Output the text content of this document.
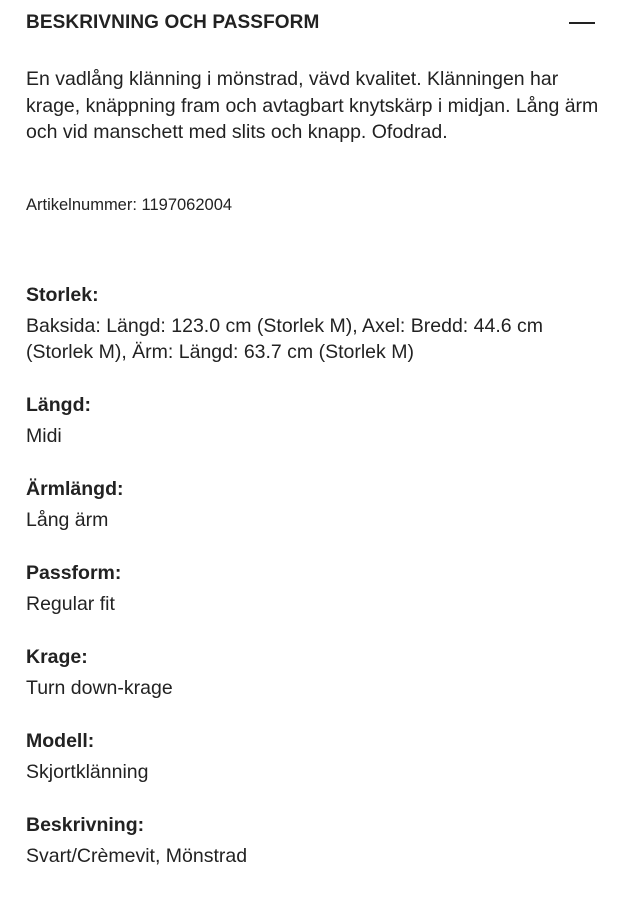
BESKRIVNING OCH PASSFORM

En vadlång klänning i mönstrad, vävd kvalitet. Klänningen har krage, knäppning fram och avtagbart knytskärp i midjan. Lång ärm och vid manschett med slits och knapp. Ofodrad.

Artikelnummer: 1197062004

Storlek:

Baksida: Längd: 123.0 cm (Storlek M), Axel: Bredd: 44.6 cm (Storlek M), Ärm: Längd: 63.7 cm (Storlek M)

Längd:

Midi

Ärmlängd:

Lång ärm

Passform:

Regular fit

Krage:

Turn down-krage

Modell:

Skjortklänning

Beskrivning:

Svart/Crèmevit, Mönstrad
